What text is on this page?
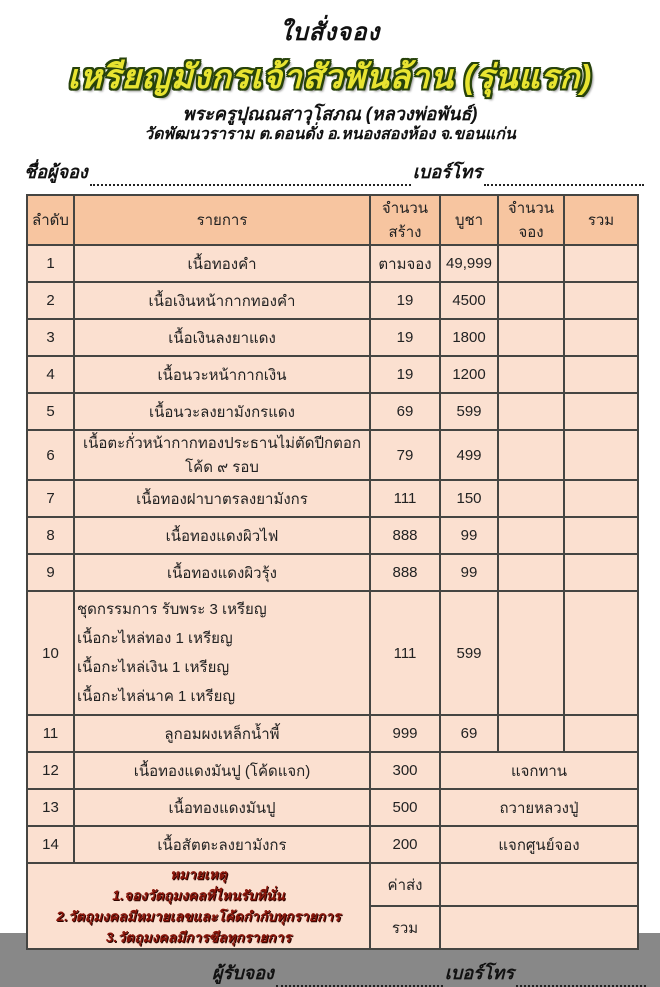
ใบสั่งจอง
เหรียญมังกรเจ้าสัวพันล้าน (รุ่นแรก)
พระครูปุณณสาวุโสภณ (หลวงพ่อพันธ์)
วัดพัฒนวราราม ต.ดอนดั่ง อ.หนองสองห้อง จ.ขอนแก่น
ชื่อผู้จอง	เบอร์โทร
ลำดับ	รายการ	จำนวนสร้าง	บูชา	จำนวนจอง	รวม
1	เนื้อทองคำ	ตามจอง	49,999		
2	เนื้อเงินหน้ากากทองคำ	19	4500		
3	เนื้อเงินลงยาแดง	19	1800		
4	เนื้อนวะหน้ากากเงิน	19	1200		
5	เนื้อนวะลงยามังกรแดง	69	599		
6	เนื้อตะกั่วหน้ากากทองประธานไม่ตัดปีกตอกโค้ด ๙ รอบ	79	499		
7	เนื้อทองฝาบาตรลงยามังกร	111	150		
8	เนื้อทองแดงผิวไฟ	888	99		
9	เนื้อทองแดงผิวรุ้ง	888	99		
10	ชุดกรรมการ รับพระ 3 เหรียญ
เนื้อกะไหล่ทอง 1 เหรียญ
เนื้อกะไหล่เงิน 1 เหรียญ
เนื้อกะไหล่นาค 1 เหรียญ	111	599		
11	ลูกอมผงเหล็กน้ำพี้	999	69		
12	เนื้อทองแดงมันปู (โค้ดแจก)	300	แจกทาน		
13	เนื้อทองแดงมันปู	500	ถวายหลวงปู่		
14	เนื้อสัตตะลงยามังกร	200	แจกศูนย์จอง		

หมายเหตุ
1.จองวัตถุมงคลที่ไหนรับที่นั่น
2.วัตถุมงคลมีหมายเลขและโค้ดกำกับทุกรายการ
3.วัตถุมงคลมีการซีลทุกรายการ		ค่าส่ง			
		รวม			
ผู้รับจอง	เบอร์โทร
